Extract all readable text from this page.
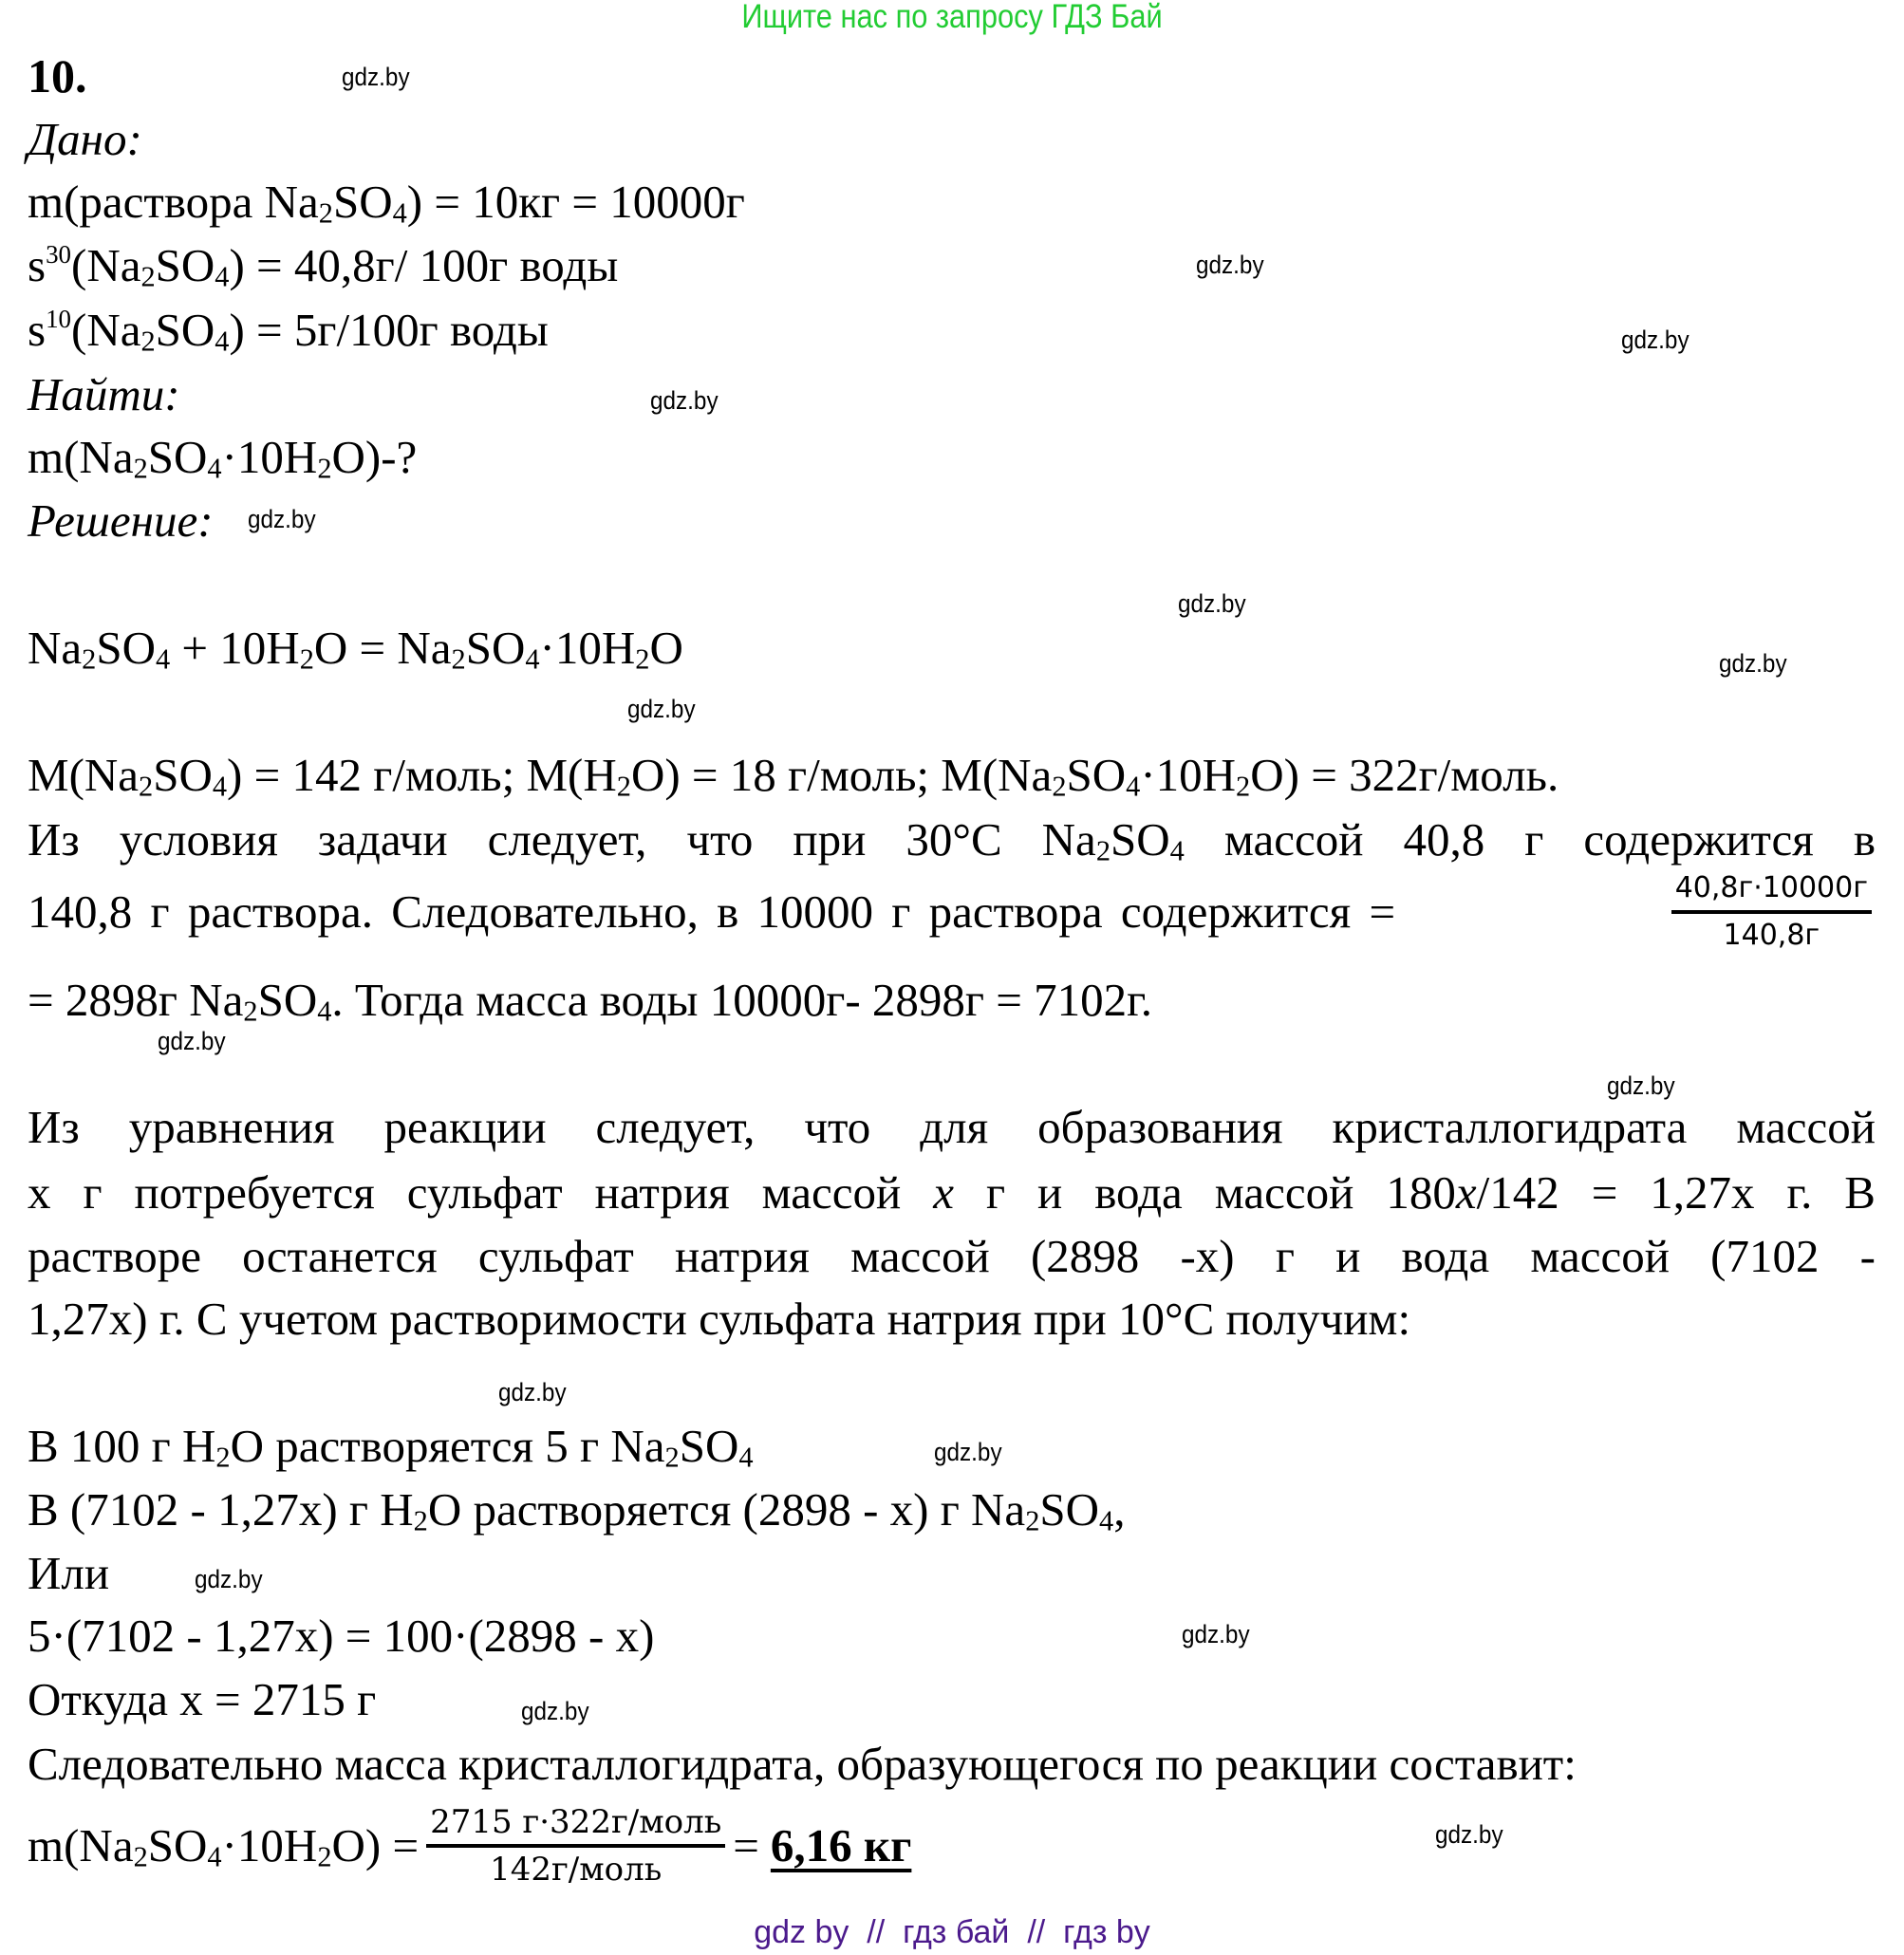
Ищите нас по запросу ГДЗ Бай
10.
Дано:
m(раствора $Na_2SO_4) = 10кг = 10000г$
$s^{30}(Na_2SO_4) = 40,8г/$ 100г воды
$s^{10}(Na_2SO_4) = 5г/100г$ воды
Найти:
$m(Na_2SO_4\cdot 10H_2O)-$?
Решение:
$Na_2SO_4 + 10H_2O = Na_2SO_4\cdot 10H_2O$
$M(Na_2SO_4) = 142$ г/моль; $M(H_2O) = 18$ г/моль; $M(Na_2SO_4\cdot 10H_2O)$ = 322г/моль.
Из условия задачи следует, что при 30°C $Na_2SO_4$ массой 40,8 г содержится в
140,8 г раствора. Следовательно, в 10000 г раствора содержится =	$\frac{40,8г\cdot 10000г}{140,8г}$
= 2898г $Na_2SO_4$. Тогда масса воды 10000г- 2898г = 7102г.
Из уравнения реакции следует, что для образования кристаллогидрата массой
x г потребуется сульфат натрия массой x г и вода массой 180x/142 = 1,27x г. В
растворе останется сульфат натрия массой (2898 -x) г и вода массой (7102 -
1,27x) г. С учетом растворимости сульфата натрия при 10°C получим:
В 100 г $H_2O$ растворяется 5 г $Na_2SO_4$
В (7102 - 1,27x) г $H_2O$ растворяется (2898 - x) г $Na_2SO_4$,
Или
5·(7102 - 1,27x) = 100·(2898 - x)
Откуда x = 2715 г
Следовательно масса кристаллогидрата, образующегося по реакции составит:
$m(Na_2SO_4\cdot 10H_2O) = \frac{\text{2715 г·322г/моль}}{\text{142г/моль}} = 6,16$ кг
gdz.by
gdz.by
gdz.by
gdz.by
gdz.by
gdz.by
gdz.by
gdz.by
gdz.by
gdz.by
gdz.by
gdz.by
gdz.by
gdz.by
gdz.by
gdz.by
gdz by  //  гдз бай  //  гдз by
